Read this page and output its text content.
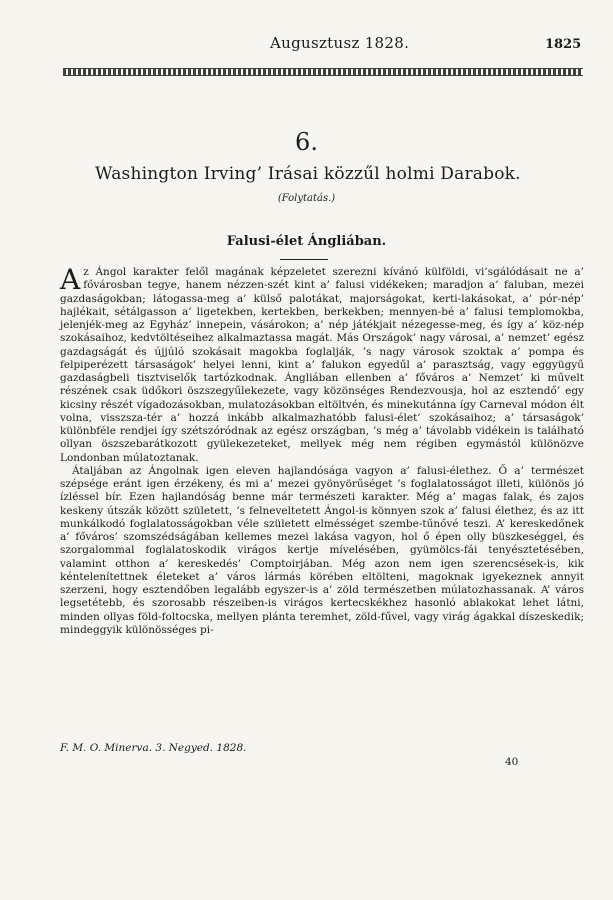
Augusztusz 1828.	1825
6.
Washington Irving’ Irásai közzűl holmi Darabok.
(Folytatás.)
Falusi-élet Ángliában.

Az Ángol karakter felől magának képzeletet szerezni kívánó külföldi, vi’sgálódásait ne a’ fővárosban tegye, hanem nézzen-szét kint a’ falusi vidékeken; maradjon a’ faluban, mezei gazdaságokban; látogassa-meg a’ külső palotákat, majorságokat, kerti-lakásokat, a’ pór-nép’ hajlékait, sétálgasson a’ ligetekben, kertekben, berkekben; mennyen-bé a’ falusi templomokba, jelenjék-meg az Egyház’ innepein, vásárokon; a’ nép játékjait nézegesse-meg, és így a’ köz-nép szokásaihoz, kedvtöltéseihez alkalmaztassa magát. Más Országok’ nagy városai, a’ nemzet’ egész gazdagságát és újjúló szokásait magokba foglalják, ’s nagy városok szoktak a’ pompa és felpiperézett társaságok’ helyei lenni, kint a’ falukon egyedűl a’ parasztság, vagy eggyügyű gazdaságbeli tisztviselők tartózkodnak. Ángliában ellenben a’ főváros a’ Nemzet’ ki művelt részének csak üdőkori öszszegyűlekezete, vagy közönséges Rendezvousja, hol az esztendő’ egy kicsiny részét vígadozásokban, mulatozásokban eltöltvén, és minekutánna így Carneval módon élt volna, visszsza-tér a’ hozzá inkább alkalmazhatóbb falusi-élet’ szokásaihoz; a’ társaságok’ különbféle rendjei így szétszóródnak az egész országban, ’s még a’ távolabb vidékein is található ollyan öszszebarátkozott gyülekezeteket, mellyek még nem régiben egymástól különözve Londonban múlatoztanak.

Átaljában az Ángolnak igen eleven hajlandósága vagyon a’ falusi-élethez. Ő a’ természet szépsége eránt igen érzékeny, és mi a’ mezei gyönyörűséget ’s foglalatosságot illeti, különös jó ízléssel bír. Ezen hajlandóság benne már természeti karakter. Még a’ magas falak, és zajos keskeny útszák között született, ’s felneveltetett Ángol-is könnyen szok a’ falusi élethez, és az itt munkálkodó foglalatosságokban véle született elmésséget szembe-tűnővé teszi. A’ kereskedőnek a’ főváros’ szomszédságában kellemes mezei lakása vagyon, hol ő épen olly büszkeséggel, és szorgalommal foglalatoskodik virágos kertje mívelésében, gyümölcs-fái tenyésztetésében, valamint otthon a’ kereskedés’ Comptoirjában. Még azon nem igen szerencsések-is, kik kéntelenítettnek életeket a’ város lármás körében eltölteni, magoknak igyekeznek annyit szerzeni, hogy esztendőben legalább egyszer-is a’ zöld természetben múlatozhassanak. A’ város legsetétebb, és szorosabb részeiben-is virágos kertecskékhez hasonló ablakokat lehet látni, minden ollyas föld-foltocska, mellyen plánta teremhet, zöld-fűvel, vagy virág ágakkal díszeskedik; mindeggyik különösséges pi-

F. M. O. Minerva. 3. Negyed. 1828.
40
